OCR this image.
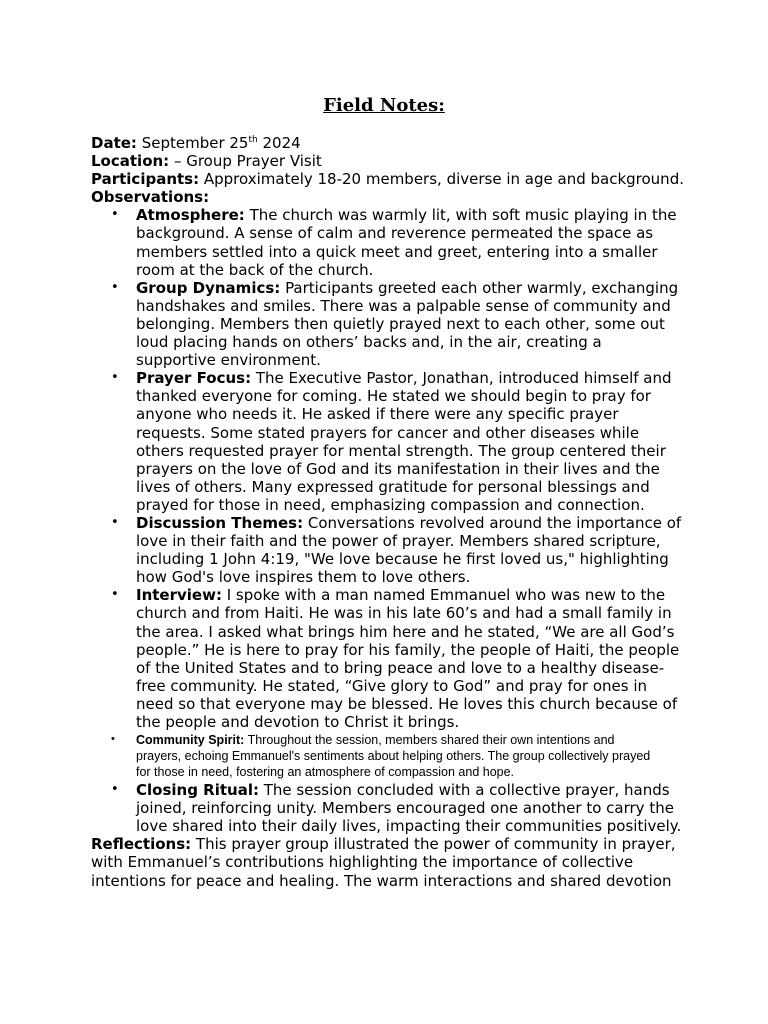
Field Notes:

Date: September 25th 2024

Location: – Group Prayer Visit

Participants: Approximately 18-20 members, diverse in age and background.

Observations:

• Atmosphere: The church was warmly lit, with soft music playing in the background. A sense of calm and reverence permeated the space as members settled into a quick meet and greet, entering into a smaller room at the back of the church.
• Group Dynamics: Participants greeted each other warmly, exchanging handshakes and smiles. There was a palpable sense of community and belonging. Members then quietly prayed next to each other, some out loud placing hands on others’ backs and, in the air, creating a supportive environment.
• Prayer Focus: The Executive Pastor, Jonathan, introduced himself and thanked everyone for coming. He stated we should begin to pray for anyone who needs it. He asked if there were any specific prayer requests. Some stated prayers for cancer and other diseases while others requested prayer for mental strength. The group centered their prayers on the love of God and its manifestation in their lives and the lives of others. Many expressed gratitude for personal blessings and prayed for those in need, emphasizing compassion and connection.
• Discussion Themes: Conversations revolved around the importance of love in their faith and the power of prayer. Members shared scripture, including 1 John 4:19, "We love because he first loved us," highlighting how God's love inspires them to love others.
• Interview: I spoke with a man named Emmanuel who was new to the church and from Haiti. He was in his late 60’s and had a small family in the area. I asked what brings him here and he stated, “We are all God’s people.” He is here to pray for his family, the people of Haiti, the people of the United States and to bring peace and love to a healthy disease-free community. He stated, “Give glory to God” and pray for ones in need so that everyone may be blessed. He loves this church because of the people and devotion to Christ it brings.
•	Community Spirit: Throughout the session, members shared their own intentions and prayers, echoing Emmanuel's sentiments about helping others. The group collectively prayed for those in need, fostering an atmosphere of compassion and hope.
• Closing Ritual: The session concluded with a collective prayer, hands joined, reinforcing unity. Members encouraged one another to carry the love shared into their daily lives, impacting their communities positively.

Reflections: This prayer group illustrated the power of community in prayer, with Emmanuel’s contributions highlighting the importance of collective intentions for peace and healing. The warm interactions and shared devotion
